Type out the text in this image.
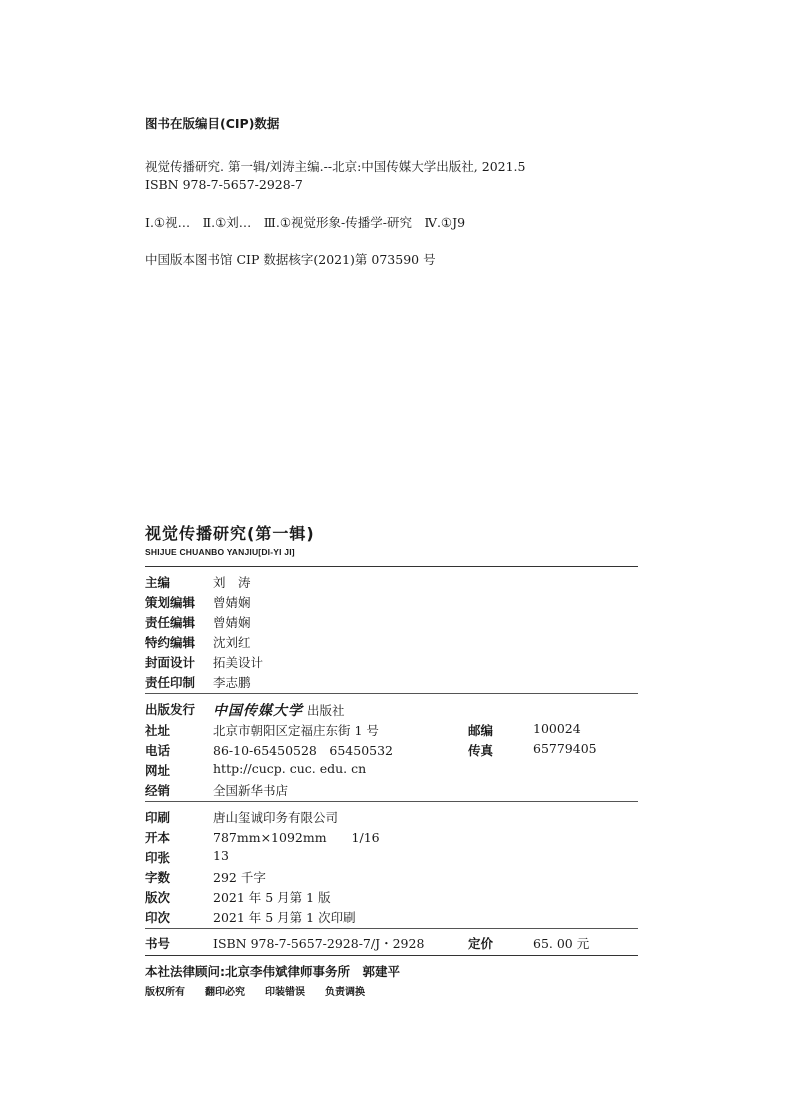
图书在版编目(CIP)数据
视觉传播研究. 第一辑/刘涛主编.--北京:中国传媒大学出版社, 2021.5
ISBN 978-7-5657-2928-7
Ⅰ.①视…　Ⅱ.①刘…　Ⅲ.①视觉形象-传播学-研究　Ⅳ.①J9
中国版本图书馆 CIP 数据核字(2021)第 073590 号
视觉传播研究(第一辑)
SHIJUE CHUANBO YANJIU[DI-YI JI]
主编	刘　涛
策划编辑	曾婧娴
责任编辑	曾婧娴
特约编辑	沈刘红
封面设计	拓美设计
责任印制	李志鹏
出版发行	中国传媒大学 出版社
社址	北京市朝阳区定福庄东街 1 号	邮编	100024
电话	86-10-65450528　65450532	传真	65779405
网址	http://cucp. cuc. edu. cn
经销	全国新华书店
印刷	唐山玺诚印务有限公司
开本	787mm×1092mm　　1/16
印张	13
字数	292 千字
版次	2021 年 5 月第 1 版
印次	2021 年 5 月第 1 次印刷
书号	ISBN 978-7-5657-2928-7/J・2928	定价	65. 00 元
本社法律顾问:北京李伟斌律师事务所　郭建平
版权所有 翻印必究 印装错误 负责调换
